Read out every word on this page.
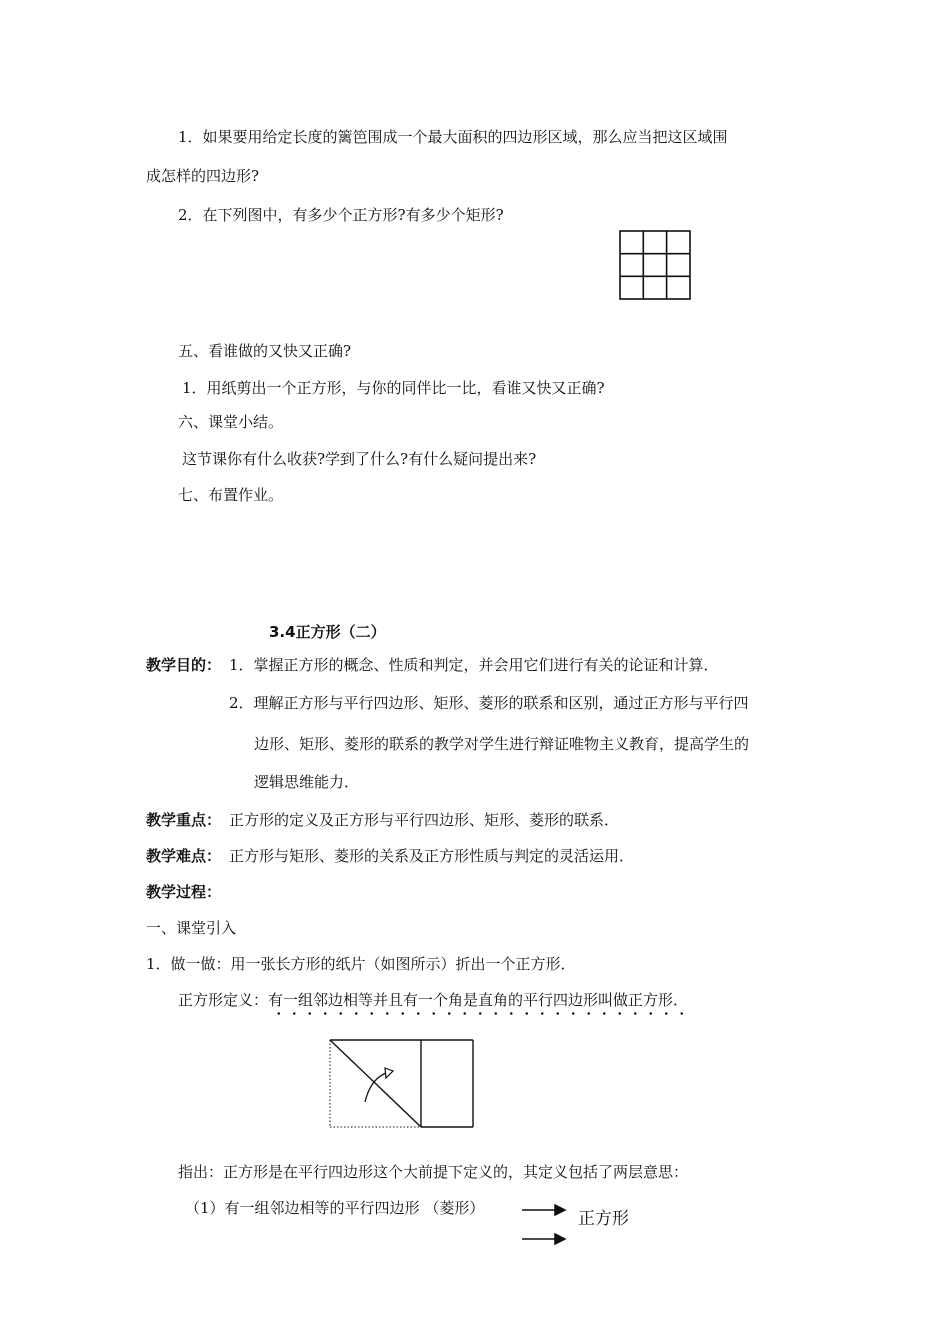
1．如果要用给定长度的篱笆围成一个最大面积的四边形区域，那么应当把这区域围
成怎样的四边形?
2．在下列图中，有多少个正方形?有多少个矩形?
五、看谁做的又快又正确?
1．用纸剪出一个正方形，与你的同伴比一比，看谁又快又正确?
六、课堂小结。
这节课你有什么收获?学到了什么?有什么疑问提出来?
七、布置作业。
3.4正方形（二）
教学目的： 1．掌握正方形的概念、性质和判定，并会用它们进行有关的论证和计算．
2．理解正方形与平行四边形、矩形、菱形的联系和区别，通过正方形与平行四
边形、矩形、菱形的联系的教学对学生进行辩证唯物主义教育，提高学生的
逻辑思维能力．
教学重点： 正方形的定义及正方形与平行四边形、矩形、菱形的联系．
教学难点： 正方形与矩形、菱形的关系及正方形性质与判定的灵活运用．
教学过程：
一、课堂引入
1．做一做：用一张长方形的纸片（如图所示）折出一个正方形．
正方形定义：有一组邻边相等并且有一个角是直角的平行四边形叫做正方形．
指出：正方形是在平行四边形这个大前提下定义的，其定义包括了两层意思：
（1）有一组邻边相等的平行四边形 （菱形）
正方形
